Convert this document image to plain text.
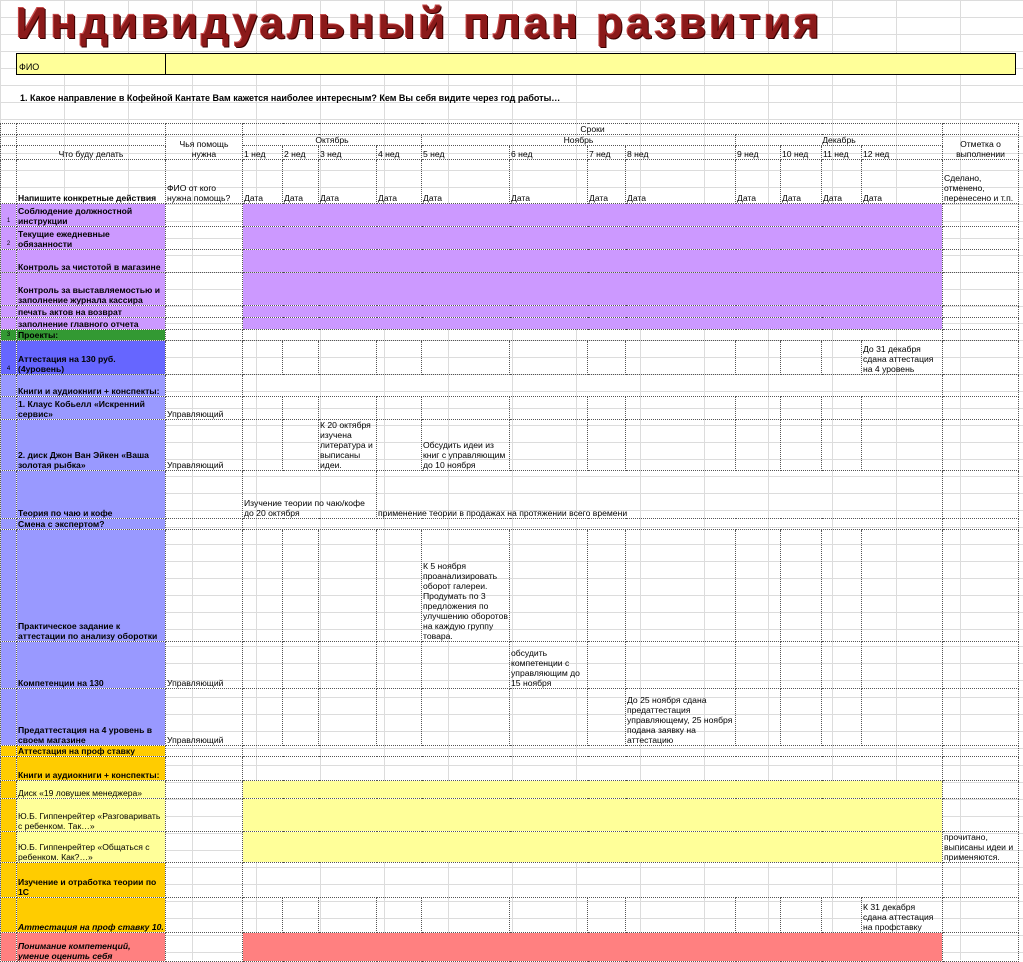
Индивидуальный план развития
ФИО
1. Какое направление в Кофейной Кантате Вам кажется наиболее интересным? Кем Вы себя видите через год работы…
			Сроки												
		Чья помощь нужна	Октябрь				Ноябрь				Декабрь				Отметка о выполнении
	Что буду делать		1 нед	2 нед	3 нед	4 нед	5 нед	6 нед	7 нед	8 нед	9 нед	10 нед	11 нед	12 нед	
	Напишите конкретные действия	ФИО от кого нужна помощь?	Дата	Дата	Дата	Дата	Дата	Дата	Дата	Дата	Дата	Дата	Дата	Дата	Сделано, отменено, перенесено и т.п.
1	Соблюдение должностной инструкции														
2	Текущие ежедневные обязанности														
	Контроль за чистотой в магазине														
	Контроль за выставляемостью и заполнение журнала кассира														
	печать актов на возврат														
	заполнение главного отчета														
3	Проекты:														
4	Аттестация на 130 руб. (4уровень)													До 31 декабря сдана аттестация на 4 уровень	
	Книги и аудиокниги + конспекты:														
	1. Клаус Кобьелл «Искренний сервис»	Управляющий													
	2. диск Джон Ван Эйкен «Ваша золотая рыбка»	Управляющий			К 20 октября изучена литература и выписаны идеи.		Обсудить идеи из книг с управляющим до 10 ноября								
	Теория по чаю и кофе		Изучение теории по чаю/кофе до 20 октября			применение теории в продажах на протяжении всего времени									
	Смена с экспертом?														
	Практическое задание к аттестации по анализу оборотки						К 5 ноября проанализировать оборот галереи. Продумать по 3 предложения по улучшению оборотов на каждую группу товара.								
	Компетенции на 130	Управляющий						обсудить компетенции с управляющим до 15 ноября							
	Предаттестация на 4 уровень в своем магазине	Управляющий								До 25 ноября сдана предаттестация управляющему, 25 ноября подана заявку на аттестацию					
	Аттестация на проф ставку														
	Книги и аудиокниги + конспекты:														
	Диск «19 ловушек менеджера»														
	Ю.Б. Гиппенрейтер «Разговаривать с ребенком. Так…»														
	Ю.Б. Гиппенрейтер «Общаться с ребенком. Как?…»														прочитано, выписаны идеи и применяются.
	Изучение и отработка теории по 1С														
	Аттестация на проф ставку 10.													К 31 декабря сдана аттестация на профставку	
	Понимание компетенций, умение оценить себя														
